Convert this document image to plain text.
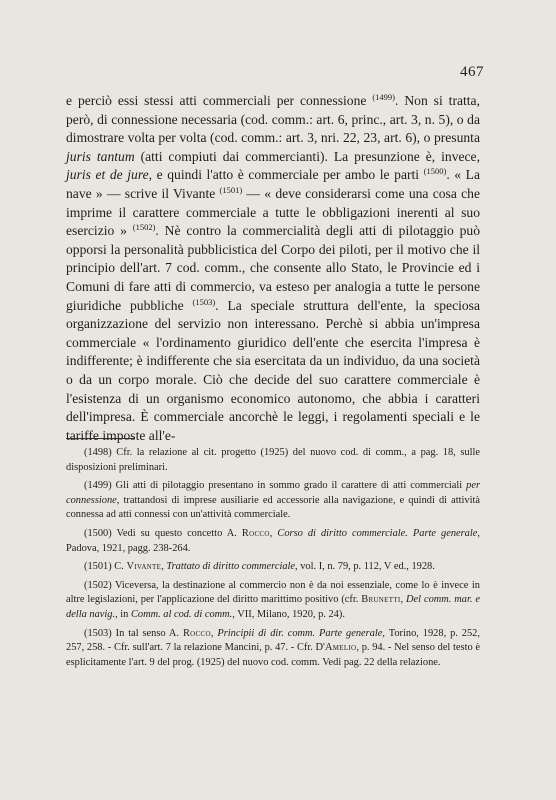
467

e perciò essi stessi atti commerciali per connessione $^{(1499)}$. Non si tratta, però, di connessione necessaria (cod. comm.: art. 6, princ., art. 3, n. 5), o da dimostrare volta per volta (cod. comm.: art. 3, nri. 22, 23, art. 6), o presunta juris tantum (atti compiuti dai commercianti). La presunzione è, invece, juris et de jure, e quindi l'atto è commerciale per ambo le parti $^{(1500)}$. « La nave » — scrive il Vivante $^{(1501)}$ — « deve considerarsi come una cosa che imprime il carattere commerciale a tutte le obbligazioni inerenti al suo esercizio » $^{(1502)}$. Nè contro la commercialità degli atti di pilotaggio può opporsi la personalità pubblicistica del Corpo dei piloti, per il motivo che il principio dell'art. 7 cod. comm., che consente allo Stato, le Provincie ed i Comuni di fare atti di commercio, va esteso per analogia a tutte le persone giuridiche pubbliche $^{(1503)}$. La speciale struttura dell'ente, la speciosa organizzazione del servizio non interessano. Perchè si abbia un'impresa commerciale « l'ordinamento giuridico dell'ente che esercita l'impresa è indifferente; è indifferente che sia esercitata da un individuo, da una società o da un corpo morale. Ciò che decide del suo carattere commerciale è l'esistenza di un organismo economico autonomo, che abbia i caratteri dell'impresa. È commerciale ancorchè le leggi, i regolamenti speciali e le tariffe imposte all'e-

(1498) Cfr. la relazione al cit. progetto (1925) del nuovo cod. di comm., a pag. 18, sulle disposizioni preliminari.

(1499) Gli atti di pilotaggio presentano in sommo grado il carattere di atti commerciali per connessione, trattandosi di imprese ausiliarie ed accessorie alla navigazione, e quindi di attività connessa ad atti connessi con un'attività commerciale.

(1500) Vedi su questo concetto A. Rocco, Corso di diritto commerciale. Parte generale, Padova, 1921, pagg. 238-264.

(1501) C. Vivante, Trattato di diritto commerciale, vol. I, n. 79, p. 112, V ed., 1928.

(1502) Viceversa, la destinazione al commercio non è da noi essenziale, come lo è invece in altre legislazioni, per l'applicazione del diritto marittimo positivo (cfr. Brunetti, Del comm. mar. e della navig., in Comm. al cod. di comm., VII, Milano, 1920, p. 24).

(1503) In tal senso A. Rocco, Principii di dir. comm. Parte generale, Torino, 1928, p. 252, 257, 258. - Cfr. sull'art. 7 la relazione Mancini, p. 47. - Cfr. D'Amelio, p. 94. - Nel senso del testo è esplicitamente l'art. 9 del prog. (1925) del nuovo cod. comm. Vedi pag. 22 della relazione.
